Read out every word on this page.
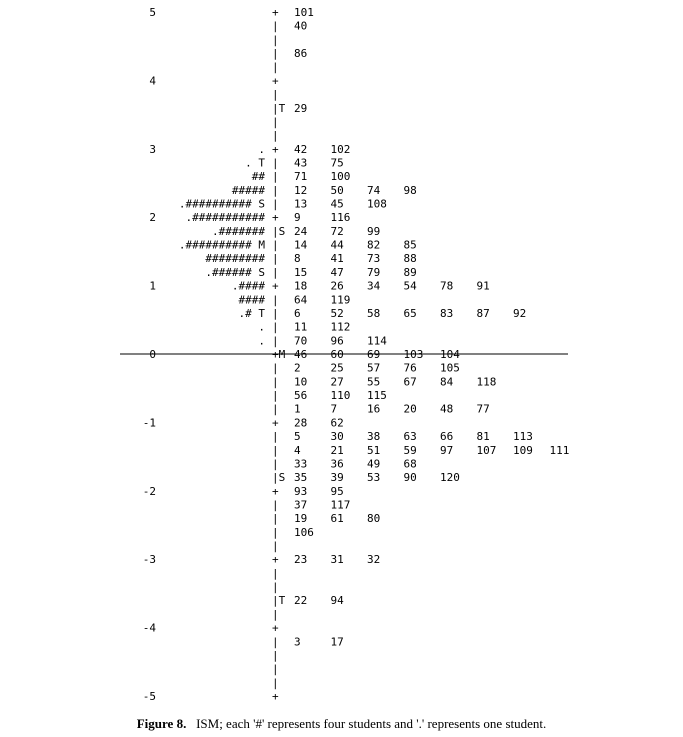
5	+ 101
| 40
|
| 86
|
4	+
|
|T 29
|
|
3	. + 42 102
. T | 43 75
## | 71 100
##### | 12 50 74 98
.########## S | 13 45 108
2	.########### + 9	116
.####### |S 24 72 99
.########## M | 14 44 82 85
######### | 8	41 73 88
.###### S | 15 47 79 89
1	.#### + 18 26 34 54 78 91
#### | 64 119
.# T | 6	52 58 65 83 87 92
. | 11 112
. | 70 96 114
0	+M 46 60 69 103 104
| 2	25 57 76 105
| 10 27 55 67 84 118
| 56 110 115
| 1	7	16 20 48 77
-1	+ 28 62
| 5	30 38 63 66 81 113
| 4	21 51 59 97 107 109 111
| 33 36 49 68
|S 35 39 53 90 120
-2	+ 93 95
| 37 117
| 19 61 80
| 106
|
-3	+ 23 31 32
|
|
|T 22 94
|
-4	+
| 3	17
|
|
|
-5	+
Figure 8. ISM; each '#' represents four students and '.' represents one student.
